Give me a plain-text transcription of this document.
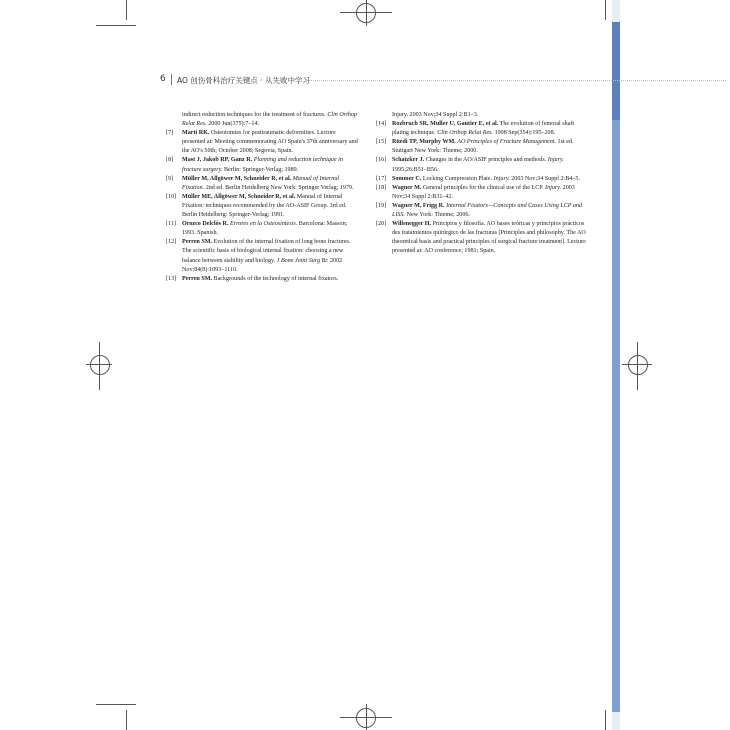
6 AO 创伤骨科治疗关键点 · 从失败中学习

indirect reduction techniques for the treatment of fractures. Clin Orthop Relat Res. 2000 Jun(375):7–14.

[7] Marti RK. Osteotomies for posttraumatic deformities. Lecture presented at: Meeting commemorating AO Spain's 37th anniversary and the AO's 50th; October 2008; Segovia, Spain.

[8] Mast J, Jakob RP, Ganz R. Planning and reduction technique in fracture surgery. Berlin: Springer-Verlag; 1989.

[9] Müller M, Allgöwer M, Schneider R, et al. Manual of Internal Fixation. 2nd ed. Berlin Heidelberg New York: Springer Verlag; 1979.

[10] Müller ME, Allgöwer M, Schneider R, et al. Manual of Internal Fixation: techniques recommended by the AO-ASIF Group. 3rd ed. Berlin Heidelberg: Springer-Verlag; 1991.

[11] Orozco Delclós R. Errores en la Osteosíntesis. Barcelona: Masson; 1993. Spanish.

[12] Perren SM. Evolution of the internal fixation of long bone fractures. The scientific basis of biological internal fixation: choosing a new balance between stability and biology. J Bone Joint Surg Br. 2002 Nov;84(8):1093–1110.

[13] Perren SM. Backgrounds of the technology of internal fixators.

Injury. 2003 Nov;34 Suppl 2:B1–3.

[14] Rozbruch SR, Muller U, Gautier E, et al. The evolution of femoral shaft plating technique. Clin Orthop Relat Res. 1998 Sep(354):195–208.

[15] Rüedi TP, Murphy WM. AO Principles of Fracture Management. 1st ed. Stuttgart New York: Thieme; 2000.

[16] Schatzker J. Changes in the AO/ASIF principles and methods. Injury. 1995;26:B51–B56.

[17] Sommer C. Locking Compression Plate. Injury. 2003 Nov;34 Suppl 2:B4–5.

[18] Wagner M. General principles for the clinical use of the LCP. Injury. 2003 Nov;34 Suppl 2:B31–42.

[19] Wagner M, Frigg R. Internal Fixators—Concepts and Cases Using LCP and LISS. New York: Thieme; 2006.

[20] Willenegger H. Principios y filosofía. AO bases teóricas y principios prácticos des tratamientos quirúrgico de las fracturas [Principles and philosophy. The AO theoretical basis and practical principles of surgical fracture treatment]. Lecture presented at: AO conference; 1981; Spain.
